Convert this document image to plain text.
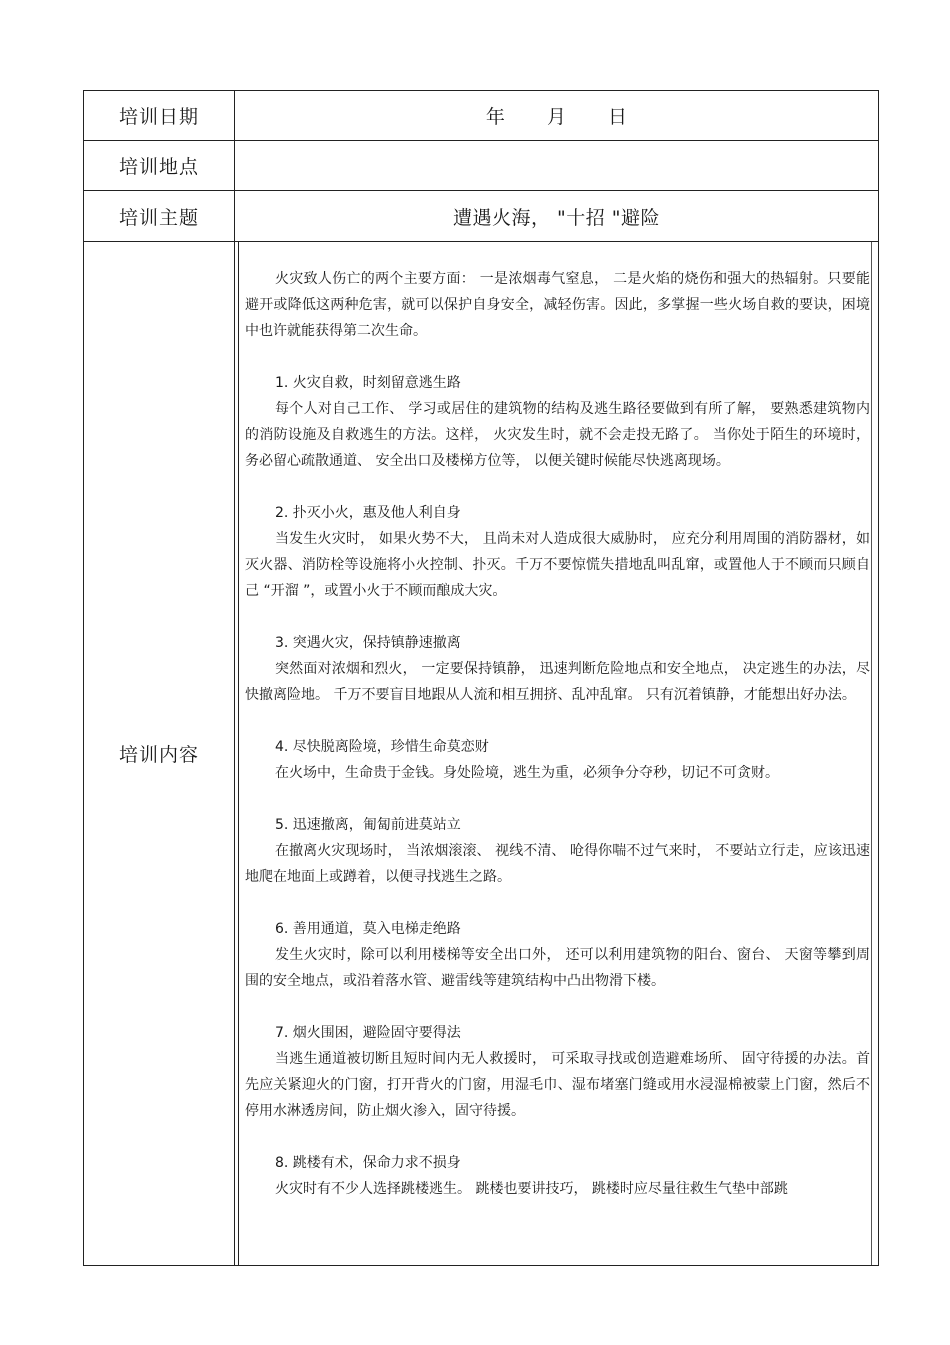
培训日期	年 月 日
培训地点
培训主题	遭遇火海， "十招 "避险
培训内容

火灾致人伤亡的两个主要方面： 一是浓烟毒气窒息， 二是火焰的烧伤和强大的热辐射。只要能避开或降低这两种危害，就可以保护自身安全，减轻伤害。因此，多掌握一些火场自救的要诀，困境中也许就能获得第二次生命。

1. 火灾自救，时刻留意逃生路
每个人对自己工作、 学习或居住的建筑物的结构及逃生路径要做到有所了解， 要熟悉建筑物内的消防设施及自救逃生的方法。这样， 火灾发生时，就不会走投无路了。 当你处于陌生的环境时， 务必留心疏散通道、 安全出口及楼梯方位等， 以便关键时候能尽快逃离现场。
2. 扑灭小火，惠及他人利自身
当发生火灾时， 如果火势不大， 且尚未对人造成很大威胁时， 应充分利用周围的消防器材，如灭火器、消防栓等设施将小火控制、扑灭。千万不要惊慌失措地乱叫乱窜，或置他人于不顾而只顾自己 “开溜 ”，或置小火于不顾而酿成大灾。
3. 突遇火灾，保持镇静速撤离
突然面对浓烟和烈火， 一定要保持镇静， 迅速判断危险地点和安全地点， 决定逃生的办法，尽快撤离险地。 千万不要盲目地跟从人流和相互拥挤、乱冲乱窜。 只有沉着镇静，才能想出好办法。
4. 尽快脱离险境，珍惜生命莫恋财
在火场中，生命贵于金钱。身处险境，逃生为重，必须争分夺秒，切记不可贪财。
5. 迅速撤离，匍匐前进莫站立
在撤离火灾现场时， 当浓烟滚滚、 视线不清、 呛得你喘不过气来时， 不要站立行走，应该迅速地爬在地面上或蹲着，以便寻找逃生之路。
6. 善用通道，莫入电梯走绝路
发生火灾时，除可以利用楼梯等安全出口外， 还可以利用建筑物的阳台、窗台、 天窗等攀到周围的安全地点，或沿着落水管、避雷线等建筑结构中凸出物滑下楼。
7. 烟火围困，避险固守要得法
当逃生通道被切断且短时间内无人救援时， 可采取寻找或创造避难场所、 固守待援的办法。首先应关紧迎火的门窗，打开背火的门窗，用湿毛巾、湿布堵塞门缝或用水浸湿棉被蒙上门窗，然后不停用水淋透房间，防止烟火渗入，固守待援。
8. 跳楼有术，保命力求不损身
火灾时有不少人选择跳楼逃生。 跳楼也要讲技巧， 跳楼时应尽量往救生气垫中部跳
